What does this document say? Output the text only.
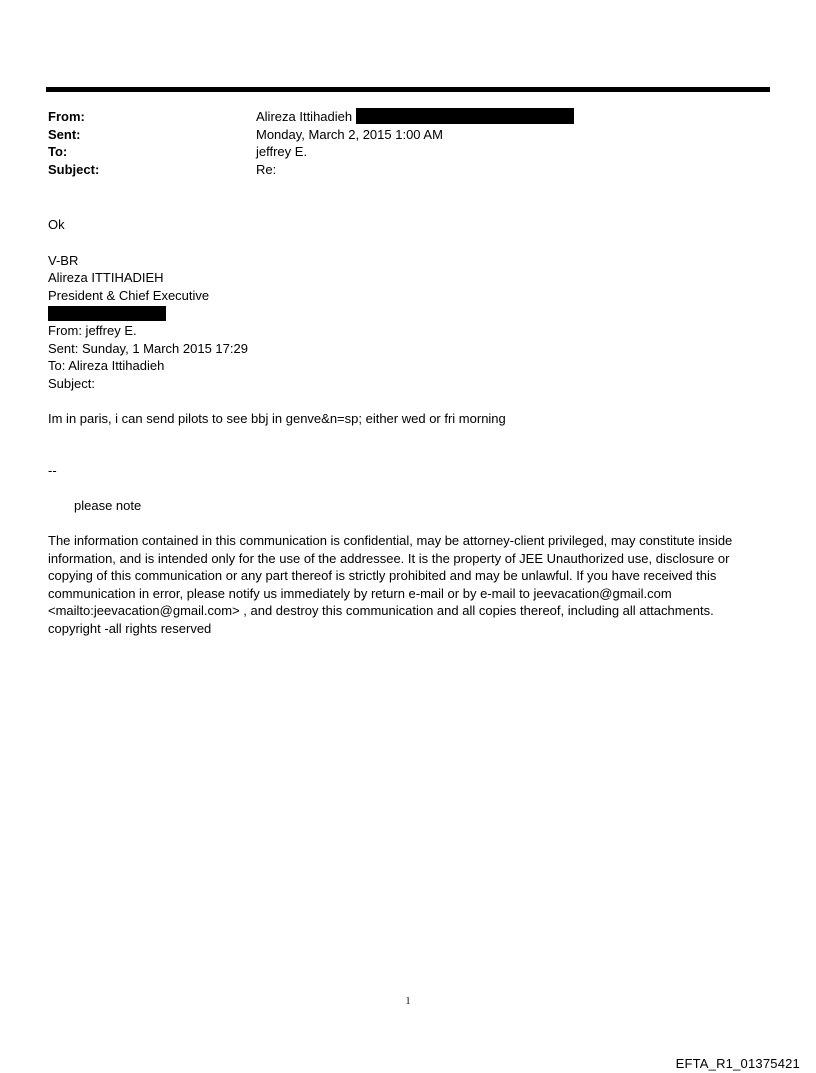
From:	Alireza Ittihadieh
Sent:	Monday, March 2, 2015 1:00 AM
To:	jeffrey E.
Subject:	Re:
Ok
V-BR
Alireza ITTIHADIEH
President & Chief Executive
From: jeffrey E.
Sent: Sunday, 1 March 2015 17:29
To: Alireza Ittihadieh
Subject:
Im in paris, i can send pilots to see bbj in genve&n=sp; either wed or fri morning
--
please note
The information contained in this communication is confidential, may be attorney-client privileged, may constitute inside information, and is intended only for the use of the addressee. It is the property of JEE Unauthorized use, disclosure or copying of this communication or any part thereof is strictly prohibited and may be unlawful. If you have received this communication in error, please notify us immediately by return e-mail or by e-mail to jeevacation@gmail.com <mailto:jeevacation@gmail.com> , and destroy this communication and all copies thereof, including all attachments. copyright -all rights reserved
1
EFTA_R1_01375421
